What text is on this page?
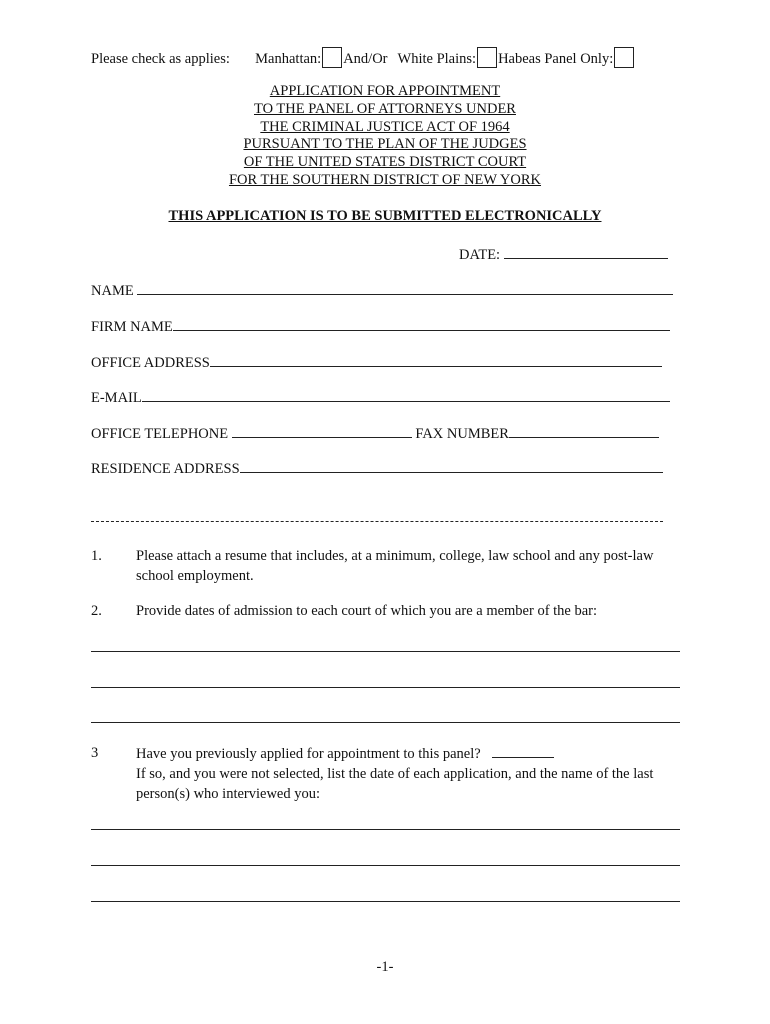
Please check as applies: Manhattan: And/Or White Plains: Habeas Panel Only:
APPLICATION FOR APPOINTMENT
TO THE PANEL OF ATTORNEYS UNDER
THE CRIMINAL JUSTICE ACT OF 1964
PURSUANT TO THE PLAN OF THE JUDGES
OF THE UNITED STATES DISTRICT COURT
FOR THE SOUTHERN DISTRICT OF NEW YORK
THIS APPLICATION IS TO BE SUBMITTED ELECTRONICALLY
DATE:
NAME
FIRM NAME
OFFICE ADDRESS
E-MAIL
OFFICE TELEPHONE	FAX NUMBER
RESIDENCE ADDRESS
1. Please attach a resume that includes, at a minimum, college, law school and any post-law school employment.
2. Provide dates of admission to each court of which you are a member of the bar:
3	Have you previously applied for appointment to this panel?
If so, and you were not selected, list the date of each application, and the name of the last person(s) who interviewed you:
-1-
